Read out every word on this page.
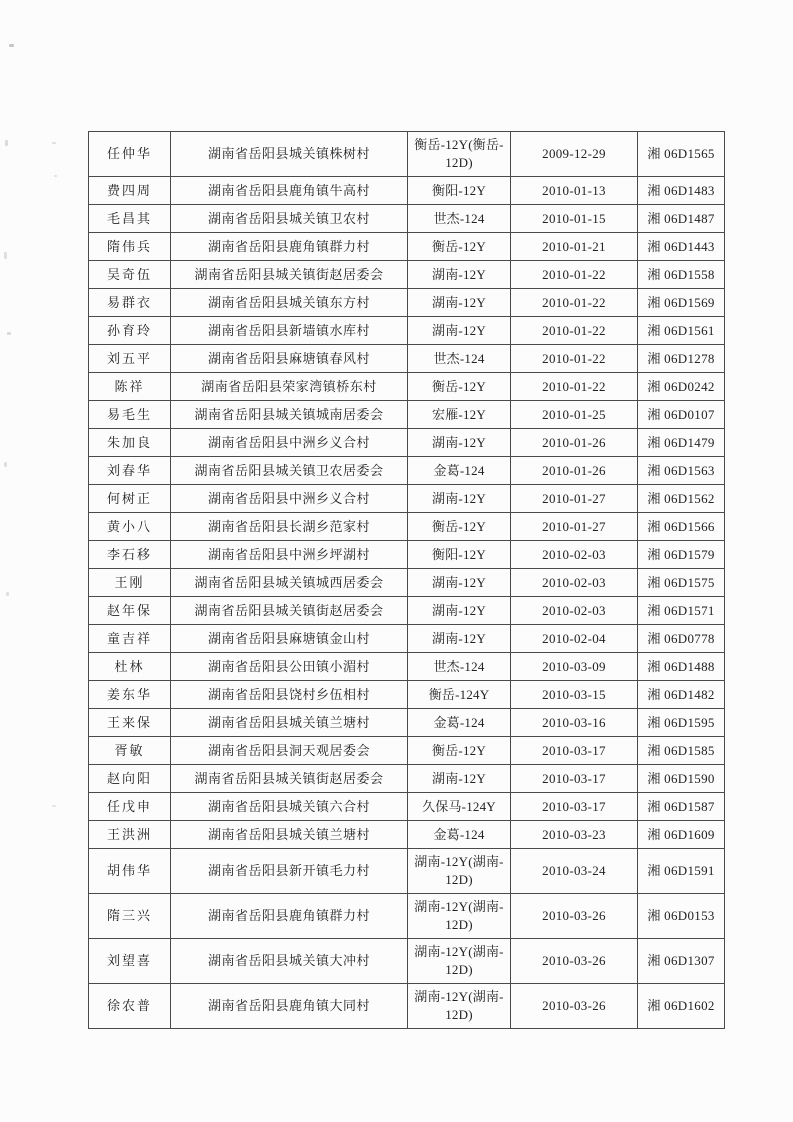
任仲华	湖南省岳阳县城关镇株树村	衡岳-12Y(衡岳-12D)	2009-12-29	湘 06D1565
费四周	湖南省岳阳县鹿角镇牛高村	衡阳-12Y	2010-01-13	湘 06D1483
毛昌其	湖南省岳阳县城关镇卫农村	世杰-124	2010-01-15	湘 06D1487
隋伟兵	湖南省岳阳县鹿角镇群力村	衡岳-12Y	2010-01-21	湘 06D1443
吴奇伍	湖南省岳阳县城关镇街赵居委会	湖南-12Y	2010-01-22	湘 06D1558
易群衣	湖南省岳阳县城关镇东方村	湖南-12Y	2010-01-22	湘 06D1569
孙育玲	湖南省岳阳县新墙镇水库村	湖南-12Y	2010-01-22	湘 06D1561
刘五平	湖南省岳阳县麻塘镇春风村	世杰-124	2010-01-22	湘 06D1278
陈祥	湖南省岳阳县荣家湾镇桥东村	衡岳-12Y	2010-01-22	湘 06D0242
易毛生	湖南省岳阳县城关镇城南居委会	宏雁-12Y	2010-01-25	湘 06D0107
朱加良	湖南省岳阳县中洲乡义合村	湖南-12Y	2010-01-26	湘 06D1479
刘春华	湖南省岳阳县城关镇卫农居委会	金葛-124	2010-01-26	湘 06D1563
何树正	湖南省岳阳县中洲乡义合村	湖南-12Y	2010-01-27	湘 06D1562
黄小八	湖南省岳阳县长湖乡范家村	衡岳-12Y	2010-01-27	湘 06D1566
李石移	湖南省岳阳县中洲乡坪湖村	衡阳-12Y	2010-02-03	湘 06D1579
王刚	湖南省岳阳县城关镇城西居委会	湖南-12Y	2010-02-03	湘 06D1575
赵年保	湖南省岳阳县城关镇街赵居委会	湖南-12Y	2010-02-03	湘 06D1571
童吉祥	湖南省岳阳县麻塘镇金山村	湖南-12Y	2010-02-04	湘 06D0778
杜林	湖南省岳阳县公田镇小湄村	世杰-124	2010-03-09	湘 06D1488
姜东华	湖南省岳阳县饶村乡伍相村	衡岳-124Y	2010-03-15	湘 06D1482
王来保	湖南省岳阳县城关镇兰塘村	金葛-124	2010-03-16	湘 06D1595
胥敏	湖南省岳阳县洞天观居委会	衡岳-12Y	2010-03-17	湘 06D1585
赵向阳	湖南省岳阳县城关镇街赵居委会	湖南-12Y	2010-03-17	湘 06D1590
任戊申	湖南省岳阳县城关镇六合村	久保马-124Y	2010-03-17	湘 06D1587
王洪洲	湖南省岳阳县城关镇兰塘村	金葛-124	2010-03-23	湘 06D1609
胡伟华	湖南省岳阳县新开镇毛力村	湖南-12Y(湖南-12D)	2010-03-24	湘 06D1591
隋三兴	湖南省岳阳县鹿角镇群力村	湖南-12Y(湖南-12D)	2010-03-26	湘 06D0153
刘望喜	湖南省岳阳县城关镇大冲村	湖南-12Y(湖南-12D)	2010-03-26	湘 06D1307
徐农普	湖南省岳阳县鹿角镇大同村	湖南-12Y(湖南-12D)	2010-03-26	湘 06D1602
